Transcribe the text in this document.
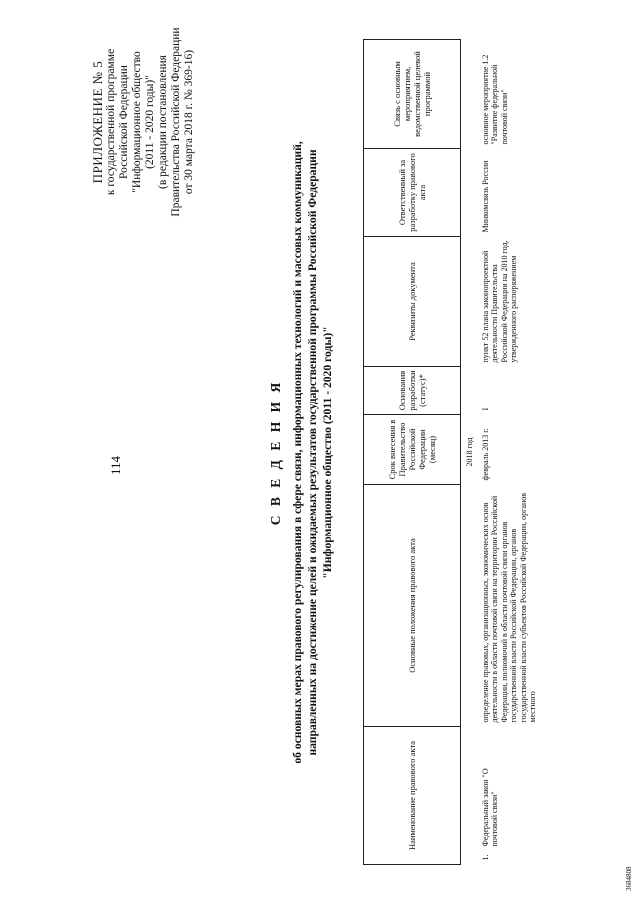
114
3684808
ПРИЛОЖЕНИЕ № 5 к государственной программе Российской Федерации "Информационное общество (2011 - 2020 годы)" (в редакции постановления Правительства Российской Федерации от 30 марта 2018 г. № 369-16)
С В Е Д Е Н И Я об основных мерах правового регулирования в сфере связи, информационных технологий и массовых коммуникаций, направленных на достижение целей и ожидаемых результатов государственной программы Российской Федерации "Информационное общество (2011 - 2020 годы)"
Наименование правового акта	Основные положения правового акта	Срок внесения в Правительство Российской Федерации (месяц)	Основания разработки (статус)*	Реквизиты документа	Ответственный за разработку правового акта	Связь с основным мероприятием, ведомственной целевой программой
2018 год						
1.Федеральный закон "О почтовой связи"	определение правовых, организационных, экономических основ деятельности в области почтовой связи на территории Российской Федерации, полномочий в области почтовой связи органов государственной власти Российской Федерации, органов государственной власти субъектов Российской Федерации, органов местного	февраль 2013 г.	I	пункт 52 плана законопроектной деятельности Правительства Российской Федерации на 2010 год, утвержденного распоряжением	Минкомсвязь России	основное мероприятие 1.2 "Развитие федеральной почтовой связи"
